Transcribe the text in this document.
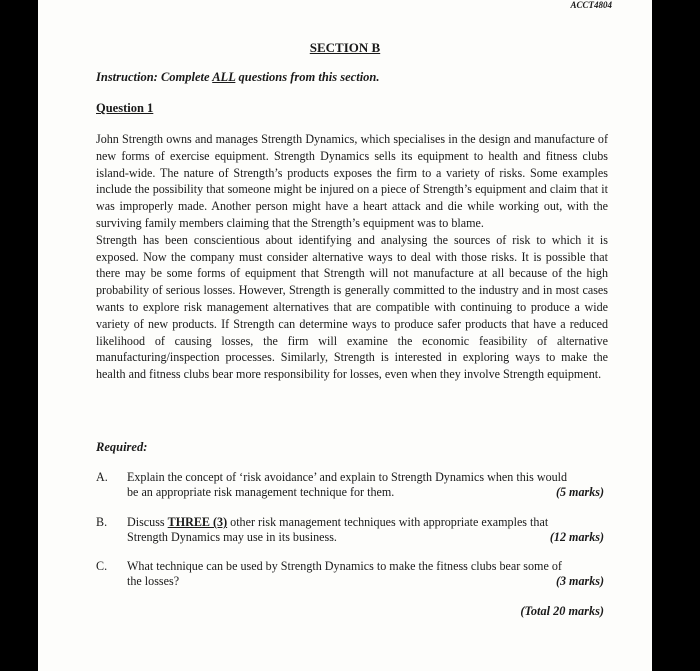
ACCT4804
SECTION B
Instruction: Complete ALL questions from this section.
Question 1

John Strength owns and manages Strength Dynamics, which specialises in the design and manufacture of new forms of exercise equipment. Strength Dynamics sells its equipment to health and fitness clubs island-wide. The nature of Strength’s products exposes the firm to a variety of risks. Some examples include the possibility that someone might be injured on a piece of Strength’s equipment and claim that it was improperly made. Another person might have a heart attack and die while working out, with the surviving family members claiming that the Strength’s equipment was to blame.

Strength has been conscientious about identifying and analysing the sources of risk to which it is exposed. Now the company must consider alternative ways to deal with those risks. It is possible that there may be some forms of equipment that Strength will not manufacture at all because of the high probability of serious losses. However, Strength is generally committed to the industry and in most cases wants to explore risk management alternatives that are compatible with continuing to produce a wide variety of new products. If Strength can determine ways to produce safer products that have a reduced likelihood of causing losses, the firm will examine the economic feasibility of alternative manufacturing/inspection processes. Similarly, Strength is interested in exploring ways to make the health and fitness clubs bear more responsibility for losses, even when they involve Strength equipment.

Required:
A. Explain the concept of ‘risk avoidance’ and explain to Strength Dynamics when this would
be an appropriate risk management technique for them.	(5 marks)
B. Discuss THREE (3) other risk management techniques with appropriate examples that
Strength Dynamics may use in its business.	(12 marks)
C. What technique can be used by Strength Dynamics to make the fitness clubs bear some of
the losses?	(3 marks)
(Total 20 marks)
